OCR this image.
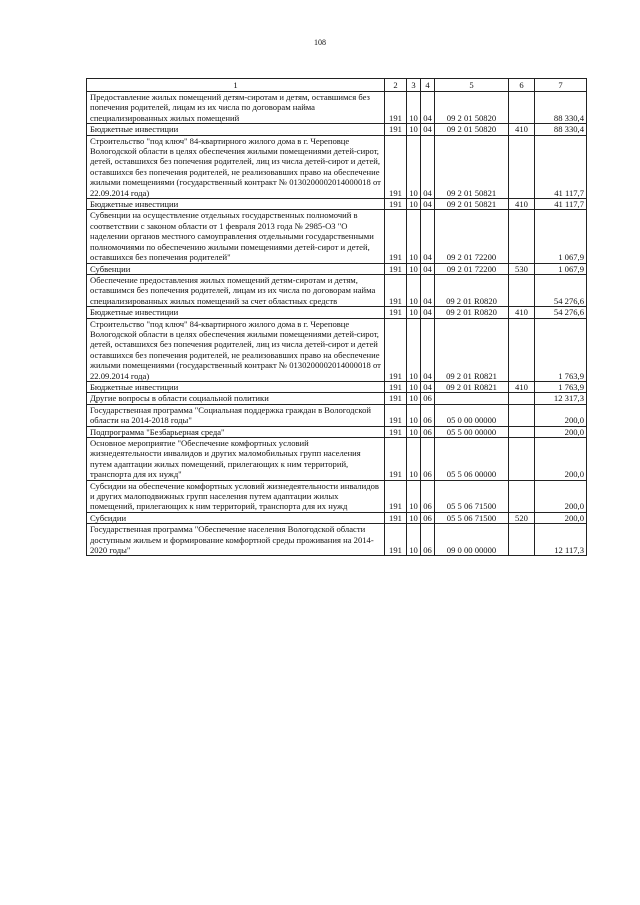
108
1	2	3	4	5	6	7
Предоставление жилых помещений детям-сиротам и детям, оставшимся без попечения родителей, лицам из их числа по договорам найма специализированных жилых помещений	191	10	04	09 2 01 50820		88 330,4
Бюджетные инвестиции	191	10	04	09 2 01 50820	410	88 330,4
Строительство "под ключ" 84-квартирного жилого дома в г. Череповце Вологодской области в целях обеспечения жилыми помещениями детей-сирот, детей, оставшихся без попечения родителей, лиц из числа детей-сирот и детей, оставшихся без попечения родителей, не реализовавших право на обеспечение жилыми помещениями (государственный контракт № 0130200002014000018 от 22.09.2014 года)	191	10	04	09 2 01 50821		41 117,7
Бюджетные инвестиции	191	10	04	09 2 01 50821	410	41 117,7
Субвенции на осуществление отдельных государственных полномочий в соответствии с законом области от 1 февраля 2013 года № 2985-ОЗ "О наделении органов местного самоуправления отдельными государственными полномочиями по обеспечению жилыми помещениями детей-сирот и детей, оставшихся без попечения родителей"	191	10	04	09 2 01 72200		1 067,9
Субвенции	191	10	04	09 2 01 72200	530	1 067,9
Обеспечение предоставления жилых помещений детям-сиротам и детям, оставшимся без попечения родителей, лицам из их числа по договорам найма специализированных жилых помещений за счет областных средств	191	10	04	09 2 01 R0820		54 276,6
Бюджетные инвестиции	191	10	04	09 2 01 R0820	410	54 276,6
Строительство "под ключ" 84-квартирного жилого дома в г. Череповце Вологодской области в целях обеспечения жилыми помещениями детей-сирот, детей, оставшихся без попечения родителей, лиц из числа детей-сирот и детей оставшихся без попечения родителей, не реализовавших право на обеспечение жилыми помещениями (государственный контракт № 0130200002014000018 от 22.09.2014 года)	191	10	04	09 2 01 R0821		1 763,9
Бюджетные инвестиции	191	10	04	09 2 01 R0821	410	1 763,9
Другие вопросы в области социальной политики	191	10	06			12 317,3
Государственная программа "Социальная поддержка граждан в Вологодской области на 2014-2018 годы"	191	10	06	05 0 00 00000		200,0
Подпрограмма "Безбарьерная среда"	191	10	06	05 5 00 00000		200,0
Основное мероприятие "Обеспечение комфортных условий жизнедеятельности инвалидов и других маломобильных групп населения путем адаптации жилых помещений, прилегающих к ним территорий, транспорта для их нужд"	191	10	06	05 5 06 00000		200,0
Субсидии на обеспечение комфортных условий жизнедеятельности инвалидов и других малоподвижных групп населения путем адаптации жилых помещений, прилегающих к ним территорий, транспорта для их нужд	191	10	06	05 5 06 71500		200,0
Субсидии	191	10	06	05 5 06 71500	520	200,0
Государственная программа "Обеспечение населения Вологодской области доступным жильем и формирование комфортной среды проживания на 2014-2020 годы"	191	10	06	09 0 00 00000		12 117,3
